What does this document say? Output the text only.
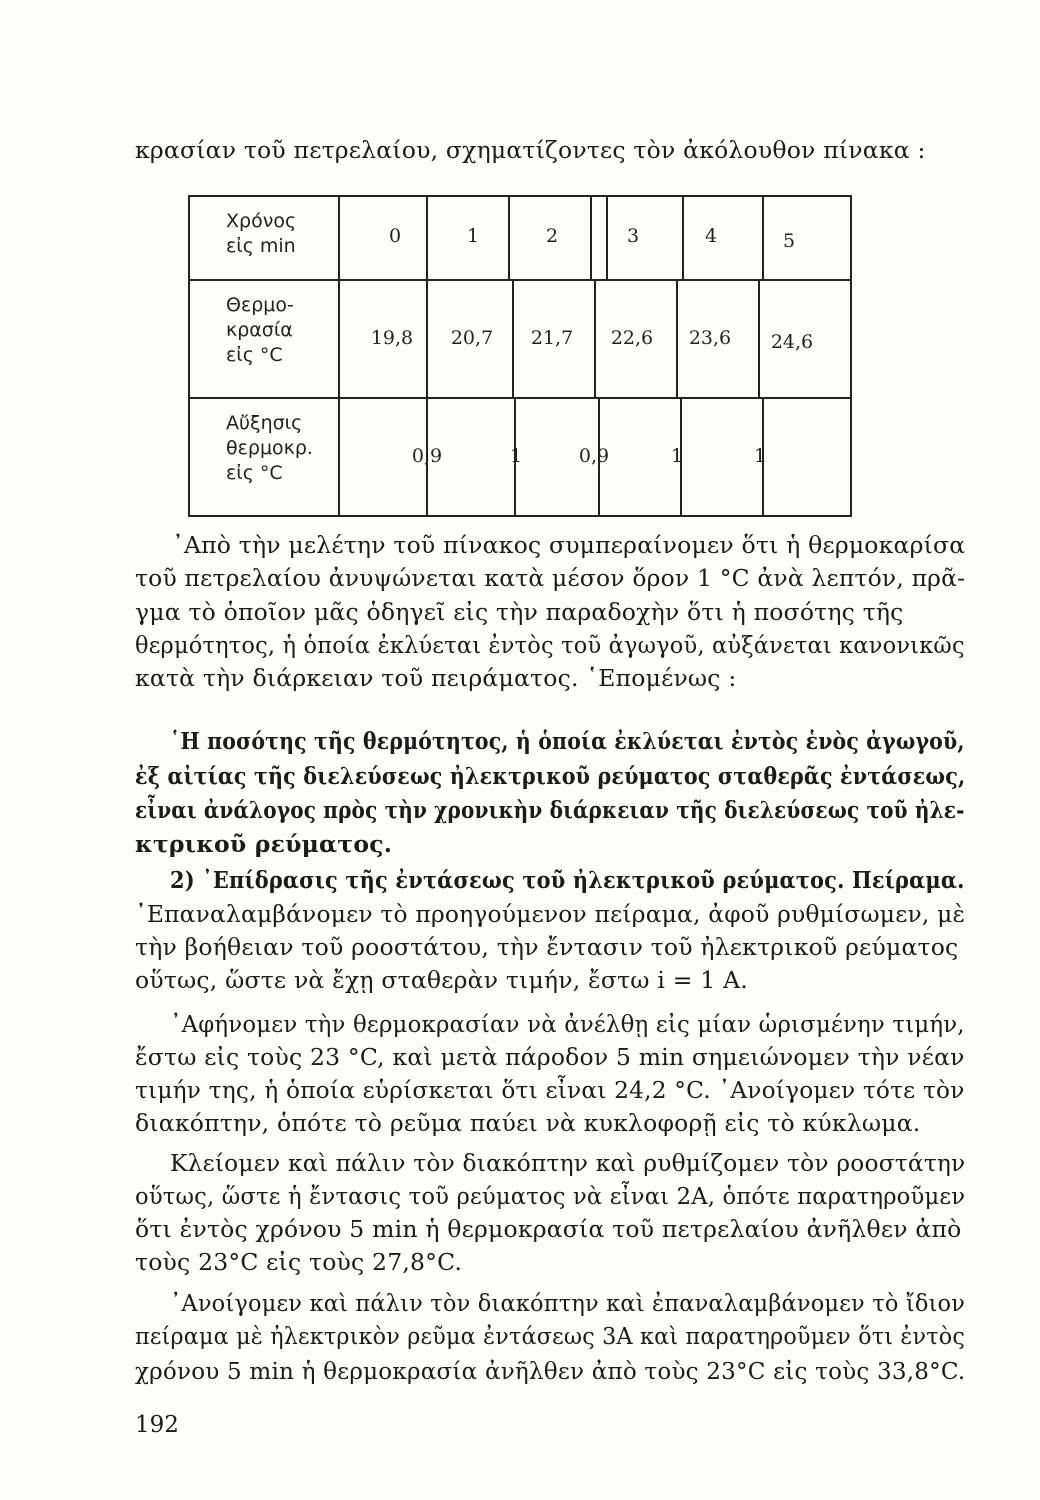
κρασίαν τοῦ πετρελαίου, σχηματίζοντες τὸν ἀκόλουθον πίνακα :
Χρόνος
εἰς min	0	1	2	3	4	5
Θερμο-
κρασία
εἰς °C
19,8	20,7	21,7	22,6	23,6	24,6
Αὔξησις
θερμοκρ.
εἰς °C
0,9	1	0,9	1	1
᾿Απὸ τὴν μελέτην τοῦ πίνακος συμπεραίνομεν ὅτι ἡ θερμοκαρίσα
τοῦ πετρελαίου ἀνυψώνεται κατὰ μέσον ὅρον 1 °C ἀνὰ λεπτόν, πρᾶ-
γμα τὸ ὁποῖον μᾶς ὁδηγεῖ εἰς τὴν παραδοχὴν ὅτι ἡ ποσότης τῆς
θερμότητος, ἡ ὁποία ἐκλύεται ἐντὸς τοῦ ἀγωγοῦ, αὐξάνεται κανονικῶς
κατὰ τὴν διάρκειαν τοῦ πειράματος. ῾Επομένως :
῾Η ποσότης τῆς θερμότητος, ἡ ὁποία ἐκλύεται ἐντὸς ἑνὸς ἀγωγοῦ,
ἐξ αἰτίας τῆς διελεύσεως ἠλεκτρικοῦ ρεύματος σταθερᾶς ἐντάσεως,
εἶναι ἀνάλογος πρὸς τὴν χρονικὴν διάρκειαν τῆς διελεύσεως τοῦ ἠλε-
κτρικοῦ ρεύματος.
2) ᾿Επίδρασις τῆς ἐντάσεως τοῦ ἠλεκτρικοῦ ρεύματος. Πείραμα.
᾿Επαναλαμβάνομεν τὸ προηγούμενον πείραμα, ἀφοῦ ρυθμίσωμεν, μὲ
τὴν βοήθειαν τοῦ ροοστάτου, τὴν ἔντασιν τοῦ ἠλεκτρικοῦ ρεύματος
οὕτως, ὥστε νὰ ἔχῃ σταθερὰν τιμήν, ἔστω i = 1 A.
᾿Αφήνομεν τὴν θερμοκρασίαν νὰ ἀνέλθῃ εἰς μίαν ὡρισμένην τιμήν,
ἔστω εἰς τοὺς 23 °C, καὶ μετὰ πάροδον 5 min σημειώνομεν τὴν νέαν
τιμήν της, ἡ ὁποία εὑρίσκεται ὅτι εἶναι 24,2 °C. ᾿Ανοίγομεν τότε τὸν
διακόπτην, ὁπότε τὸ ρεῦμα παύει νὰ κυκλοφορῇ εἰς τὸ κύκλωμα.
Κλείομεν καὶ πάλιν τὸν διακόπτην καὶ ρυθμίζομεν τὸν ροοστάτην
οὕτως, ὥστε ἡ ἔντασις τοῦ ρεύματος νὰ εἶναι 2A, ὁπότε παρατηροῦμεν
ὅτι ἐντὸς χρόνου 5 min ἡ θερμοκρασία τοῦ πετρελαίου ἀνῆλθεν ἀπὸ
τοὺς 23°C εἰς τοὺς 27,8°C.
᾿Ανοίγομεν καὶ πάλιν τὸν διακόπτην καὶ ἐπαναλαμβάνομεν τὸ ἴδιον
πείραμα μὲ ἠλεκτρικὸν ρεῦμα ἐντάσεως 3A καὶ παρατηροῦμεν ὅτι ἐντὸς
χρόνου 5 min ἡ θερμοκρασία ἀνῆλθεν ἀπὸ τοὺς 23°C εἰς τοὺς 33,8°C.
192
